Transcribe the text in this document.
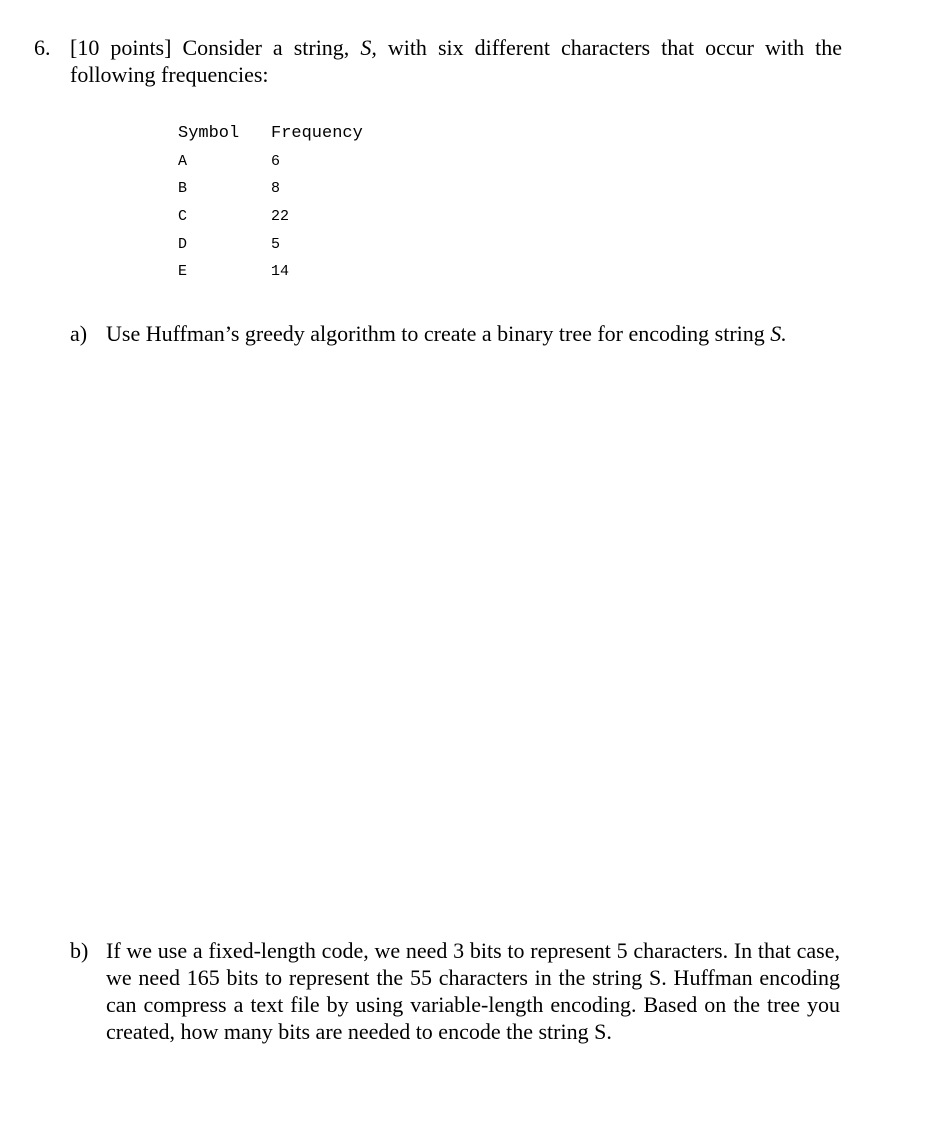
6. [10 points] Consider a string, S, with six different characters that occur with the following frequencies:
Symbol	Frequency
A	6
B	8
C	22
D	5
E	14
a) Use Huffman’s greedy algorithm to create a binary tree for encoding string S.
b) If we use a fixed-length code, we need 3 bits to represent 5 characters. In that case, we need 165 bits to represent the 55 characters in the string S. Huffman encoding can compress a text file by using variable-length encoding. Based on the tree you created, how many bits are needed to encode the string S.
